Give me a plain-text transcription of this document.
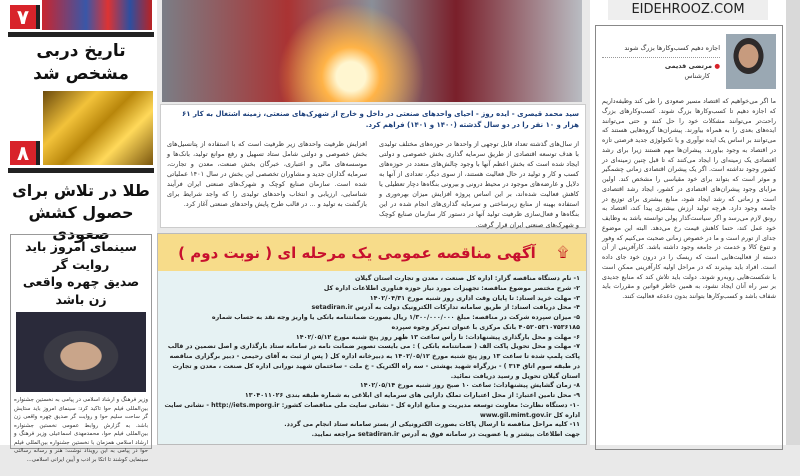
۷
تاریخ دربی
مشخص شد
۸
طلا در تلاش برای
حصول کشش صعودی
سینمای امروز باید روایت گر
صدیق چهره واقعی زن باشد
وزیر فرهنگ و ارشاد اسلامی در پیامی به نخستین جشنواره بین‌المللی فیلم حوا تاکید کرد: سینمای امروز باید ستایش گر ساحت سلیم حوا و روایت گر صدیق چهره واقعی زن باشد. به گزارش روابط عمومی نخستین جشنواره بین‌المللی فیلم حوا، محمدمهدی اسماعیلی وزیر فرهنگ و ارشاد اسلامی همزمان با نخستین جشنواره بین‌المللی فیلم حوا در پیامی به این رویداد نوشت: هنر و رسانه رسالتی سینمایی کوشند تا اتکا بر ادب و آیین ایرانی اسلامی...
سید محمد قیصری - ایده روز - احیای واحدهای صنعتی در داخل و خارج از شهرک‌های صنعتی، زمینه اشتغال به کار ۶۱ هزار و ۱۰ نفر را در دو سال گذشته (۱۴۰۰ و ۱۴۰۱) فراهم کرد.
از سال‌های گذشته تعداد قابل توجهی از واحدها در حوزه‌های مختلف تولیدی با هدف توسعه اقتصادی از طریق سرمایه گذاری بخش خصوصی و دولتی ایجاد شده است که بخش اعظم آنها با وجود چالش‌های متعدد در حوزه‌های کسب و کار و تولید در حال فعالیت هستند، از سوی دیگر، تعدادی از آنها به دلایل و عارضه‌های موجود در محیط درونی و بیرونی بنگاه‌ها دچار تعطیلی یا کاهش فعالیت شده‌اند، بر این اساس پروژه افزایش میزان بهره‌وری و استفاده بهینه از منابع زیرساختی و سرمایه گذاری‌های انجام شده در این بنگاه‌ها و فعال‌سازی ظرفیت تولید آنها در دستور کار سازمان صنایع کوچک و شهرک‌های صنعتی ایران قرار گرفت.
افزایش ظرفیت واحدهای زیر ظرفیت است که با استفاده از پتانسیل‌های بخش خصوصی و دولتی شامل ستاد تسهیل و رفع موانع تولید، بانک‌ها و موسسه‌های مالی و اعتباری، خبرگان بخش صنعت، معدن و تجارت، سرمایه گذاران جدید و مشاوران تخصصی این بخش در سال ۱۴۰۱ عملیاتی شده است. سازمان صنایع کوچک و شهرک‌های صنعتی ایران فرآیند شناسایی، ارزیابی و انتخاب واحدهای تولیدی را که واجد شرایط برای بازگشت به تولید و ... در قالب طرح پایش واحدهای صنعتی آغاز کرد.
۩
آگهی مناقصه عمومی یک مرحله ای ( نوبت دوم )
۱- نام دستگاه مناقصه گزار: اداره کل صنعت ، معدن و تجارت استان گیلان
۲- شرح مختصر موضوع مناقصه: تجهیزات مورد نیاز حوزه فناوری اطلاعات اداره کل
۳- مهلت خرید اسناد: تا پایان وقت اداری روز شنبه مورخ ۱۴۰۲/۰۴/۳۱
۴- محل دریافت اسناد: از طریق سامانه تدارکات الکترونیک دولت به آدرس setadiran.ir
۵- میزان سپرده شرکت در مناقصه: مبلغ ۱/۳۰۰/۰۰۰/۰۰۰ ریال بصورت ضمانتنامه بانکی یا واریز وجه نقد به حساب شماره ۴۰۵۲۰۵۳۱۰۷۵۳۶۱۸۵ بانک مرکزی با عنوان تمرکز وجوه سپرده
۶- مهلت و محل بارگذاری پیشنهادات: تا رأس ساعت ۱۳ ظهر روز پنج شنبه مورخ ۱۴۰۲/۰۵/۱۲
۷- مهلت و محل تحویل پاکت الف ( ضمانتنامه بانکی ) : می بایست تصویر ضمانت نامه در سامانه ستاد بارگذاری و اصل تضمین در قالب پاکت پلمپ شده تا ساعت ۱۳ روز پنج شنبه مورخ ۱۴۰۲/۰۵/۱۲ به دبیرخانه اداره کل ( پس از ثبت به آقای رحیمی - دبیر برگزاری مناقصه در طبقه سوم اتاق ۳۱۴ ) - بزرگراه شهید بهشتی - سه راه الکتریک - خ ملت - ساختمان شهید نورانی اداره کل صنعت ، معدن و تجارت استان گیلان تحویل و رسید دریافت نمائید.
۸- زمان گشایش پیشنهادات: ساعت ۱۰ صبح روز شنبه مورخ ۱۴۰۲/۰۵/۱۴
۹- محل تامین اعتبار: از محل اعتبارات تملک دارایی های سرمایه ای ابلاغی به شماره طبقه بندی ۱۳۰۴۰۱۱۰۲۶
۱۰- دستگاه نظارت: معاونت توسعه مدیریت و منابع اداره کل - نشانی سایت ملی مناقصات کشور: http://iets.mporg.ir - نشانی سایت اداره کل www.gil.mimt.gov.ir
۱۱- کلیه مراحل مناقصه تا ارسال پاکات بصورت الکترونیکی از بستر سامانه ستاد انجام می گردد.
جهت اطلاعات بیشتر و یا عضویت در سامانه فوق به آدرس setadiran.ir مراجعه نمایید.
EIDEHROOZ.COM
اجازه دهیم کسب‌وکارها بزرگ شوند
● مرتضی قدیمی
کارشناس
ما اگر می‌خواهیم که اقتصاد مسیر صعودی را طی کند وظیفه‌داریم که اجازه دهیم تا کسب‌وکارها بزرگ شوند. کسب‌وکارهای بزرگ راحت‌تر می‌توانند مشکلات خود را حل کنند و حتی می‌توانند ایده‌های بعدی را به همراه بیاورند. پیشران‌ها گروه‌هایی هستند که می‌توانند بر اساس یک ایده نوآوری و یا تکنولوژی جدید فرصتی تازه در اقتصاد به وجود بیاورند. پیشران‌ها مهم هستند زیرا برای رشد اقتصادی یک زمینه‌ای را ایجاد می‌کنند که تا قبل چنین زمینه‌ای در کشور وجود نداشته است. اگر یک پیشران اقتصادی زمانی چشمگیر و موثر است که بتواند برای خود مقیاسی را مشخص کند. اولین مزایای وجود پیشران‌های اقتصادی در کشور، ایجاد رشد اقتصادی است و زمانی که رشد ایجاد شود، منابع بیشتری برای توزیع در جامعه وجود دارد. هرچه تولید ارزش بیشتری پیدا کند، اقتصاد به رونق لازم می‌رسد و اگر سیاست‌گذار پولی توانسته باشد به وظایف خود عمل کند، حتما کاهش قیمت رخ می‌دهد. البته این موضوع جدای از تورم است و ما در خصوص زمانی صحبت می‌کنیم که وفور و تنوع کالا و خدمت در جامعه وجود داشته باشد. کارآفرینی از آن دسته از فعالیت‌هایی است که ریسک را در درون خود جای داده است. افراد باید بپذیرند که در مراحل اولیه کارآفرینی ممکن است با شکست‌هایی روبه‌رو شوند. دولت باید تلاش کند که منابع جدیدی بر سر راه آنان ایجاد نشود، به همین خاطر قوانین و مقررات باید شفاف باشد و کسب‌وکارها بتوانند بدون دغدغه فعالیت کنند.
